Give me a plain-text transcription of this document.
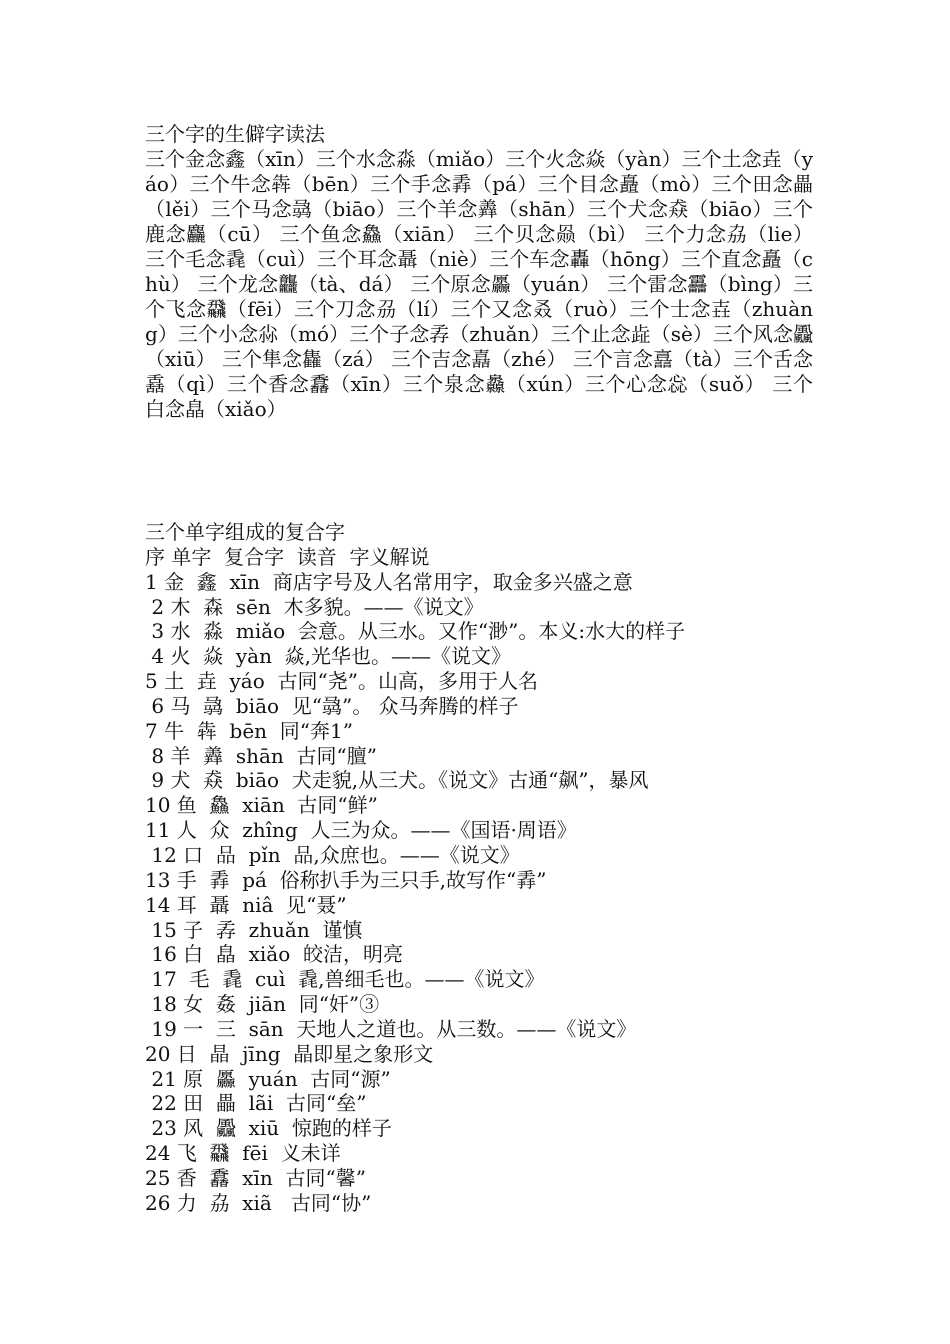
三个字的生僻字读法

三个金念鑫（xīn）三个水念淼（miǎo）三个火念焱（yàn）三个土念垚（yáo）三个牛念犇（bēn）三个手念掱（pá）三个目念矗（mò）三个田念畾（lěi）三个马念骉（biāo）三个羊念羴（shān）三个犬念猋（biāo）三个鹿念麤（cū） 三个鱼念鱻（xiān） 三个贝念赑（bì） 三个力念劦（lie）三个毛念毳（cuì）三个耳念聶（niè）三个车念轟（hōng）三个直念矗（chù） 三个龙念龘（tà、dá） 三个原念厵（yuán） 三个雷念靐（bìng）三个飞念飝（fēi）三个刀念刕（lí）三个又念叒（ruò）三个士念壵（zhuàng）三个小念尛（mó）三个子念孨（zhuǎn）三个止念歮（sè）三个风念飍（xiū） 三个隼念雥（zá） 三个吉念嚞（zhé） 三个言念譶（tà）三个舌念舙（qì）三个香念馫（xīn）三个泉念灥（xún）三个心念惢（suǒ） 三个白念皛（xiǎo）

三个单字组成的复合字
序 单字  复合字  读音  字义解说
1 金  鑫  xīn  商店字号及人名常用字，取金多兴盛之意
2 木  森  sēn  木多貌。——《说文》
3 水  淼  miǎo  会意。从三水。又作“渺”。本义:水大的样子
4 火  焱  yàn  焱,光华也。——《说文》
5 土  垚  yáo  古同“尧”。山高，多用于人名
6 马  骉  biāo  见“骉”。 众马奔腾的样子
7 牛  犇  bēn  同“奔1”
8 羊  羴  shān  古同“膻”
9 犬  猋  biāo  犬走貌,从三犬。《说文》古通“飙”，暴风
10 鱼  鱻  xiān  古同“鲜”
11 人  众  zhîng  人三为众。——《国语·周语》
12 口  品  pǐn  品,众庶也。——《说文》
13 手  掱  pá  俗称扒手为三只手,故写作“掱”
14 耳  聶  niâ  见“聂”
15 子  孨  zhuǎn  谨慎
16 白  皛  xiǎo  皎洁，明亮
17  毛  毳  cuì  毳,兽细毛也。——《说文》
18 女  姦  jiān  同“奸”③
19 一  三  sān  天地人之道也。从三数。——《说文》
20 日  晶  jīng  晶即星之象形文
21 原  厵  yuán  古同“源”
22 田  畾  lãi  古同“垒”
23 风  飍  xiū  惊跑的样子
24 飞  飝  fēi  义未详
25 香  馫  xīn  古同“馨”
26 力  劦  xiã   古同“协”
